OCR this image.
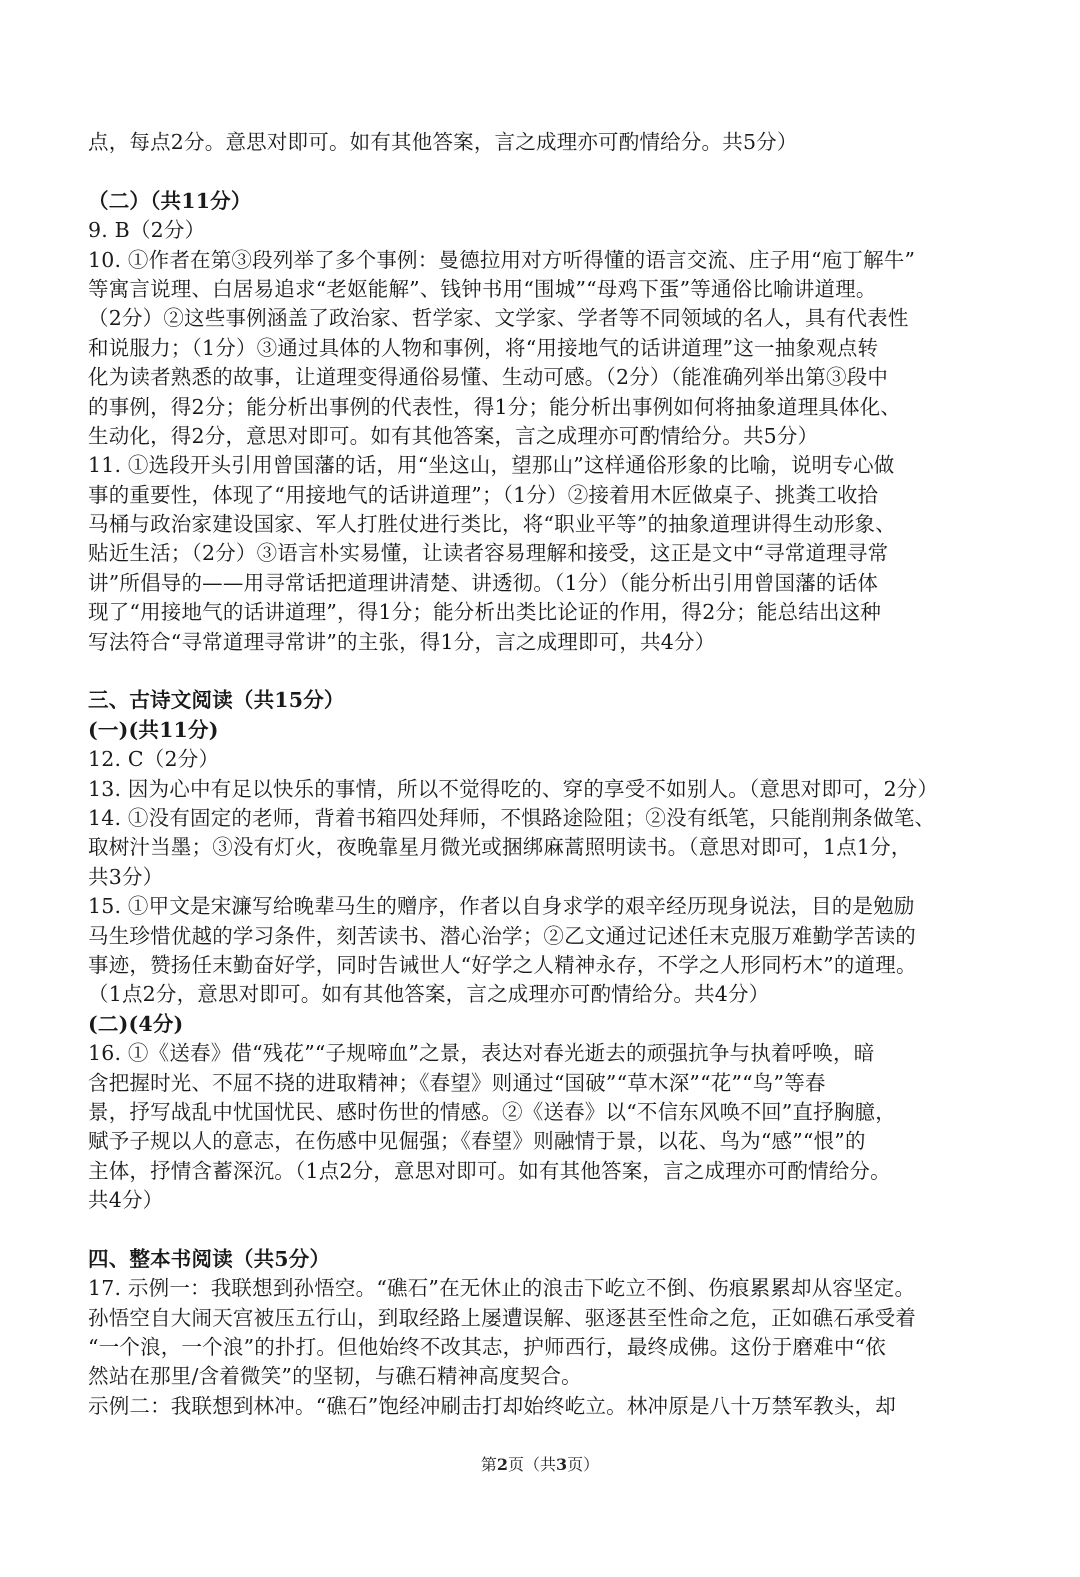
点，每点2分。意思对即可。如有其他答案，言之成理亦可酌情给分。共5分）
（二）（共11分）
9. B（2分）
10. ①作者在第③段列举了多个事例：曼德拉用对方听得懂的语言交流、庄子用“庖丁解牛”
等寓言说理、白居易追求“老妪能解”、钱钟书用“围城”“母鸡下蛋”等通俗比喻讲道理。
（2分）②这些事例涵盖了政治家、哲学家、文学家、学者等不同领域的名人，具有代表性
和说服力；（1分）③通过具体的人物和事例，将“用接地气的话讲道理”这一抽象观点转
化为读者熟悉的故事，让道理变得通俗易懂、生动可感。（2分）（能准确列举出第③段中
的事例，得2分；能分析出事例的代表性，得1分；能分析出事例如何将抽象道理具体化、
生动化，得2分，意思对即可。如有其他答案，言之成理亦可酌情给分。共5分）
11. ①选段开头引用曾国藩的话，用“坐这山，望那山”这样通俗形象的比喻，说明专心做
事的重要性，体现了“用接地气的话讲道理”；（1分）②接着用木匠做桌子、挑粪工收拾
马桶与政治家建设国家、军人打胜仗进行类比，将“职业平等”的抽象道理讲得生动形象、
贴近生活；（2分）③语言朴实易懂，让读者容易理解和接受，这正是文中“寻常道理寻常
讲”所倡导的——用寻常话把道理讲清楚、讲透彻。（1分）（能分析出引用曾国藩的话体
现了“用接地气的话讲道理”，得1分；能分析出类比论证的作用，得2分；能总结出这种
写法符合“寻常道理寻常讲”的主张，得1分，言之成理即可，共4分）
三、古诗文阅读（共15分）
(一)(共11分)
12. C（2分）
13. 因为心中有足以快乐的事情，所以不觉得吃的、穿的享受不如别人。（意思对即可，2分）
14. ①没有固定的老师，背着书箱四处拜师，不惧路途险阻；②没有纸笔，只能削荆条做笔、
取树汁当墨；③没有灯火，夜晚靠星月微光或捆绑麻蒿照明读书。（意思对即可，1点1分，
共3分）
15. ①甲文是宋濂写给晚辈马生的赠序，作者以自身求学的艰辛经历现身说法，目的是勉励
马生珍惜优越的学习条件，刻苦读书、潜心治学；②乙文通过记述任末克服万难勤学苦读的
事迹，赞扬任末勤奋好学，同时告诫世人“好学之人精神永存，不学之人形同朽木”的道理。
（1点2分，意思对即可。如有其他答案，言之成理亦可酌情给分。共4分）
(二)(4分)
16. ①《送春》借“残花”“子规啼血”之景，表达对春光逝去的顽强抗争与执着呼唤，暗
含把握时光、不屈不挠的进取精神；《春望》则通过“国破”“草木深”“花”“鸟”等春
景，抒写战乱中忧国忧民、感时伤世的情感。②《送春》以“不信东风唤不回”直抒胸臆，
赋予子规以人的意志，在伤感中见倔强；《春望》则融情于景，以花、鸟为“感”“恨”的
主体，抒情含蓄深沉。（1点2分，意思对即可。如有其他答案，言之成理亦可酌情给分。
共4分）
四、整本书阅读（共5分）
17. 示例一：我联想到孙悟空。“礁石”在无休止的浪击下屹立不倒、伤痕累累却从容坚定。
孙悟空自大闹天宫被压五行山，到取经路上屡遭误解、驱逐甚至性命之危，正如礁石承受着
“一个浪，一个浪”的扑打。但他始终不改其志，护师西行，最终成佛。这份于磨难中“依
然站在那里/含着微笑”的坚韧，与礁石精神高度契合。
示例二：我联想到林冲。“礁石”饱经冲刷击打却始终屹立。林冲原是八十万禁军教头，却
第2页（共3页）
